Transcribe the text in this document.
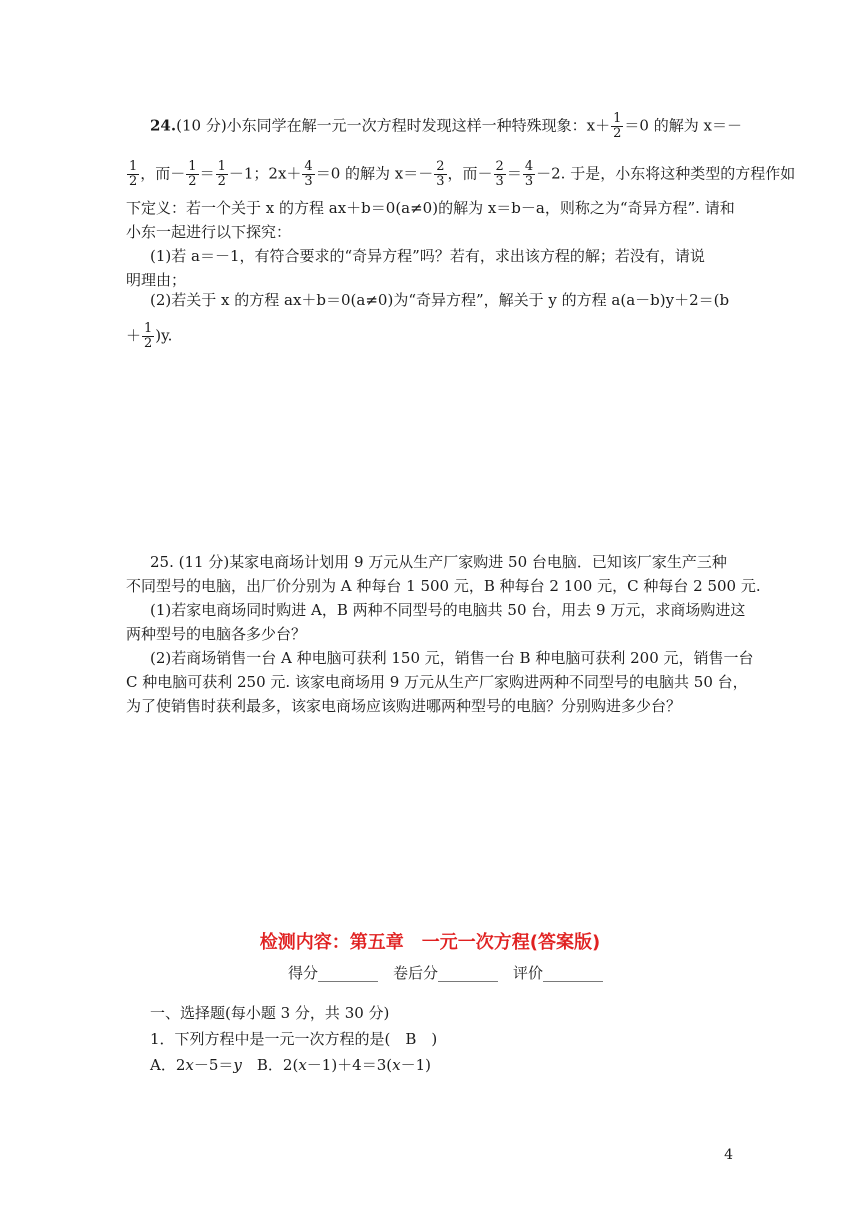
24.(10 分)小东同学在解一元一次方程时发现这样一种特殊现象：$x+ \frac{1}{2} =0$ 的解为 x＝－
$\frac{1}{2}$ ，而－ $\frac{1}{2} = \frac{1}{2} -1$；$2x+ \frac{4}{3} =0$ 的解为 $x=- \frac{2}{3}$ ，而－ $\frac{2}{3} = \frac{4}{3} -2$. 于是，小东将这种类型的方程作如
下定义：若一个关于 x 的方程 ax＋b＝0(a≠0)的解为 x＝b－a，则称之为“奇异方程”. 请和
小东一起进行以下探究：
(1)若 a＝－1，有符合要求的“奇异方程”吗？若有，求出该方程的解；若没有，请说
明理由；
(2)若关于 x 的方程 ax＋b＝0(a≠0)为“奇异方程”，解关于 y 的方程 a(a－b)y＋2＝(b
＋ $\frac{1}{2} )y$.
25. (11 分)某家电商场计划用 9 万元从生产厂家购进 50 台电脑．已知该厂家生产三种
不同型号的电脑，出厂价分别为 A 种每台 1 500 元，B 种每台 2 100 元，C 种每台 2 500 元.
(1)若家电商场同时购进 A，B 两种不同型号的电脑共 50 台，用去 9 万元，求商场购进这
两种型号的电脑各多少台？
(2)若商场销售一台 A 种电脑可获利 150 元，销售一台 B 种电脑可获利 200 元，销售一台
C 种电脑可获利 250 元. 该家电商场用 9 万元从生产厂家购进两种不同型号的电脑共 50 台，
为了使销售时获利最多，该家电商场应该购进哪两种型号的电脑？分别购进多少台？
检测内容：第五章　一元一次方程(答案版)
得分________　卷后分________　评价________
一、选择题(每小题 3 分，共 30 分)
1．下列方程中是一元一次方程的是(　B　)
A．2x－5＝y　B．2(x－1)＋4＝3(x－1)
4
